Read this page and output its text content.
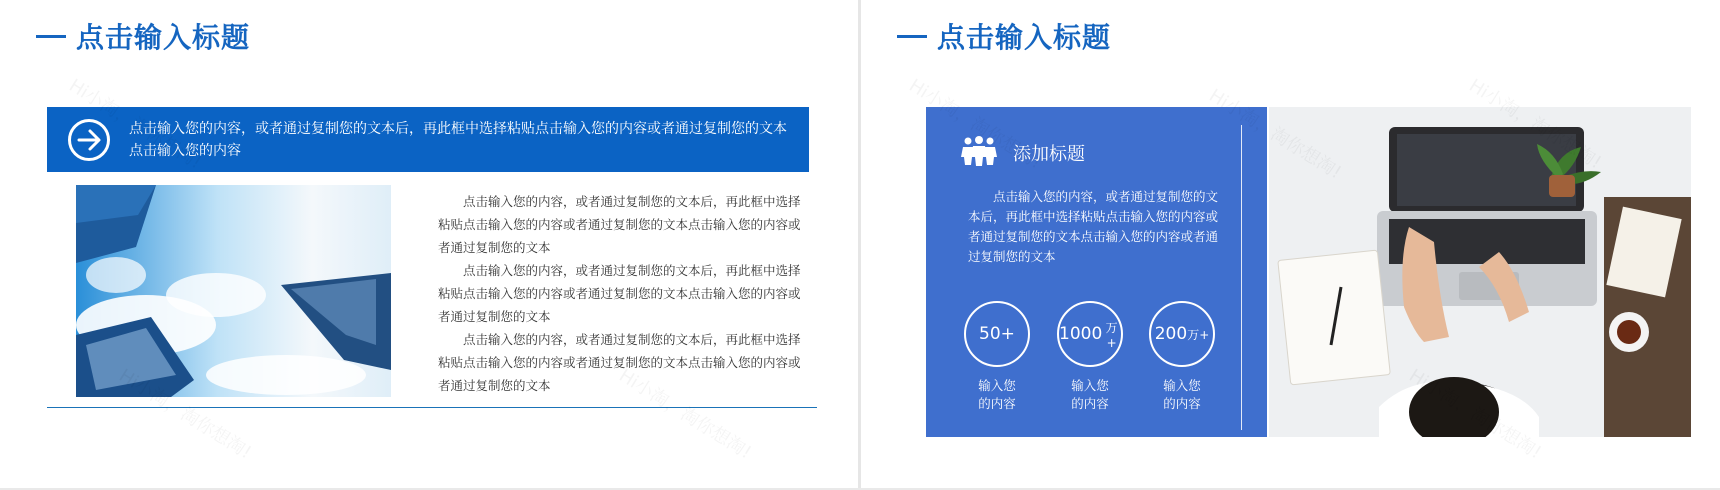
点击输入标题
点击输入您的内容，或者通过复制您的文本后，再此框中选择粘贴点击输入您的内容或者通过复制您的文本点击输入您的内容

点击输入您的内容，或者通过复制您的文本后，再此框中选择粘贴点击输入您的内容或者通过复制您的文本点击输入您的内容或者通过复制您的文本

点击输入您的内容，或者通过复制您的文本后，再此框中选择粘贴点击输入您的内容或者通过复制您的文本点击输入您的内容或者通过复制您的文本

点击输入您的内容，或者通过复制您的文本后，再此框中选择粘贴点击输入您的内容或者通过复制您的文本点击输入您的内容或者通过复制您的文本

点击输入标题
添加标题

点击输入您的内容，或者通过复制您的文本后，再此框中选择粘贴点击输入您的内容或者通过复制您的文本点击输入您的内容或者通过复制您的文本

50+
输入您
的内容
1000 万+
输入您
的内容
200 万+
输入您
的内容
